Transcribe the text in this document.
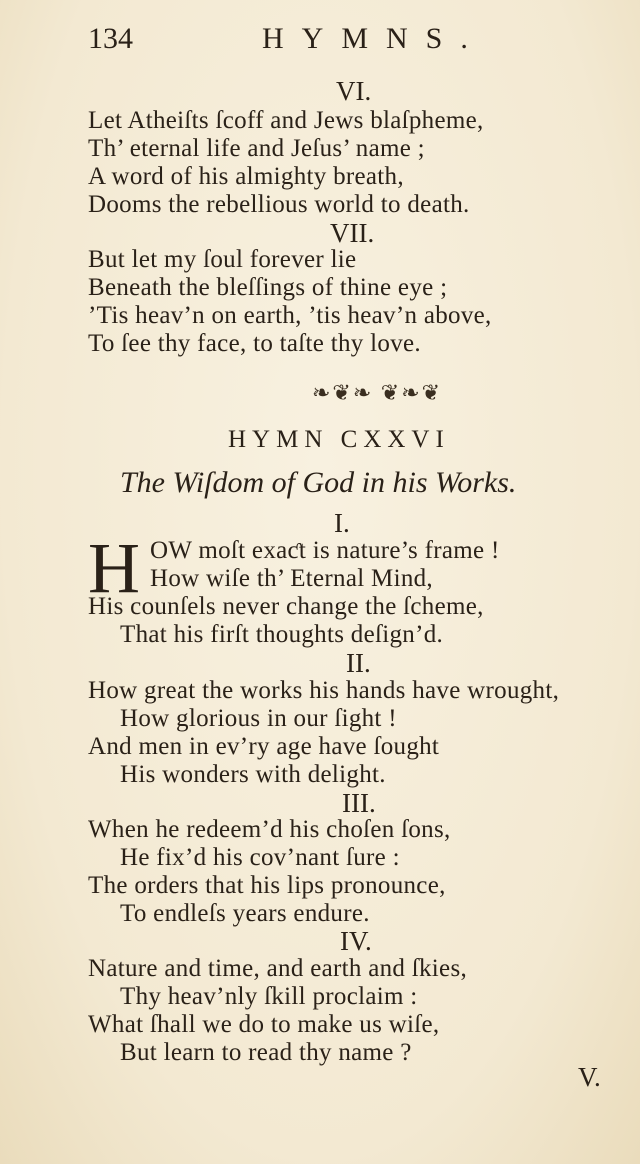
134	HYMNS.
VI.
Let Atheiſts ſcoff and Jews blaſpheme,
Th’ eternal life and Jeſus’ name ;
A word of his almighty breath,
Dooms the rebellious world to death.
VII.
But let my ſoul forever lie
Beneath the bleſſings of thine eye ;
’Tis heav’n on earth, ’tis heav’n above,
To ſee thy face, to taſte thy love.
❧❦❧ ❦❧❦
HYMN CXXVI
The Wiſdom of God in his Works.
I.
H OW moſt exaƈt is nature’s frame !
How wiſe th’ Eternal Mind,
His counſels never change the ſcheme,
That his firſt thoughts deſign’d.
II.
How great the works his hands have wrought,
How glorious in our ſight !
And men in ev’ry age have ſought
His wonders with delight.
III.
When he redeem’d his choſen ſons,
He fix’d his cov’nant ſure :
The orders that his lips pronounce,
To endleſs years endure.
IV.
Nature and time, and earth and ſkies,
Thy heav’nly ſkill proclaim :
What ſhall we do to make us wiſe,
But learn to read thy name ?
V.
